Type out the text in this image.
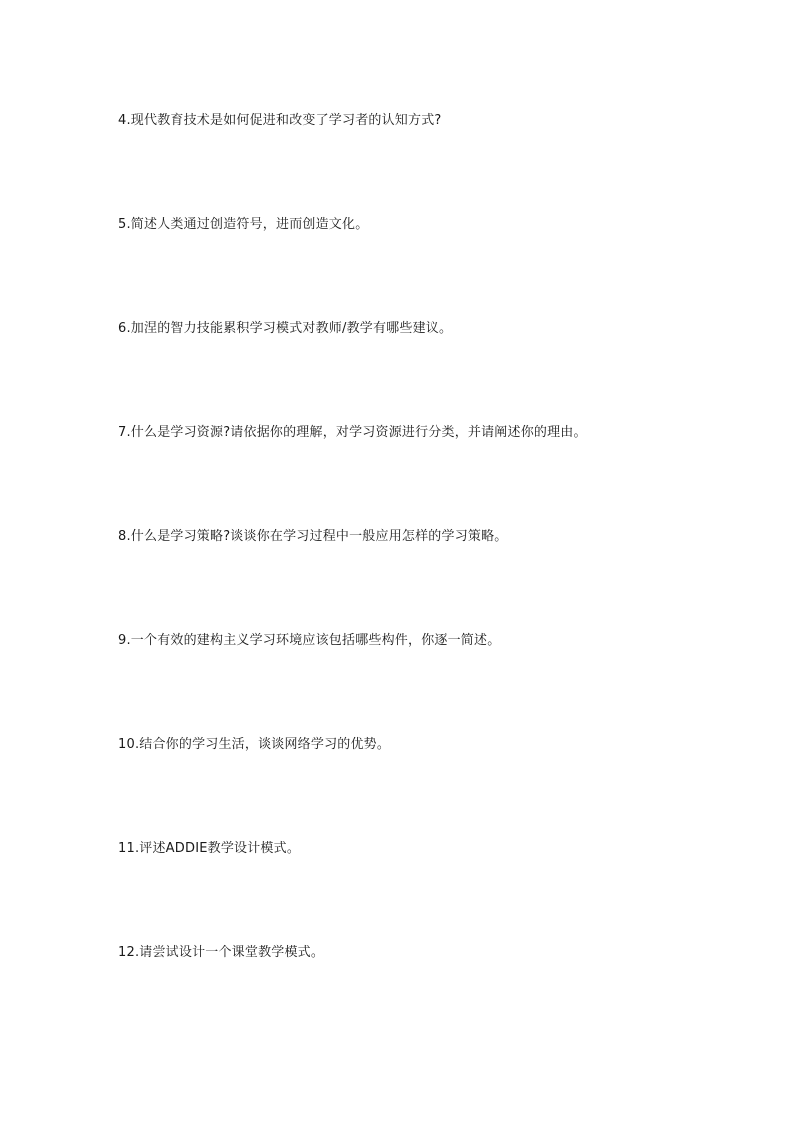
4.现代教育技术是如何促进和改变了学习者的认知方式?

5.简述人类通过创造符号，进而创造文化。

6.加涅的智力技能累积学习模式对教师/教学有哪些建议。

7.什么是学习资源?请依据你的理解，对学习资源进行分类，并请阐述你的理由。

8.什么是学习策略?谈谈你在学习过程中一般应用怎样的学习策略。

9.一个有效的建构主义学习环境应该包括哪些构件，你逐一简述。

10.结合你的学习生活，谈谈网络学习的优势。

11.评述ADDIE教学设计模式。

12.请尝试设计一个课堂教学模式。
